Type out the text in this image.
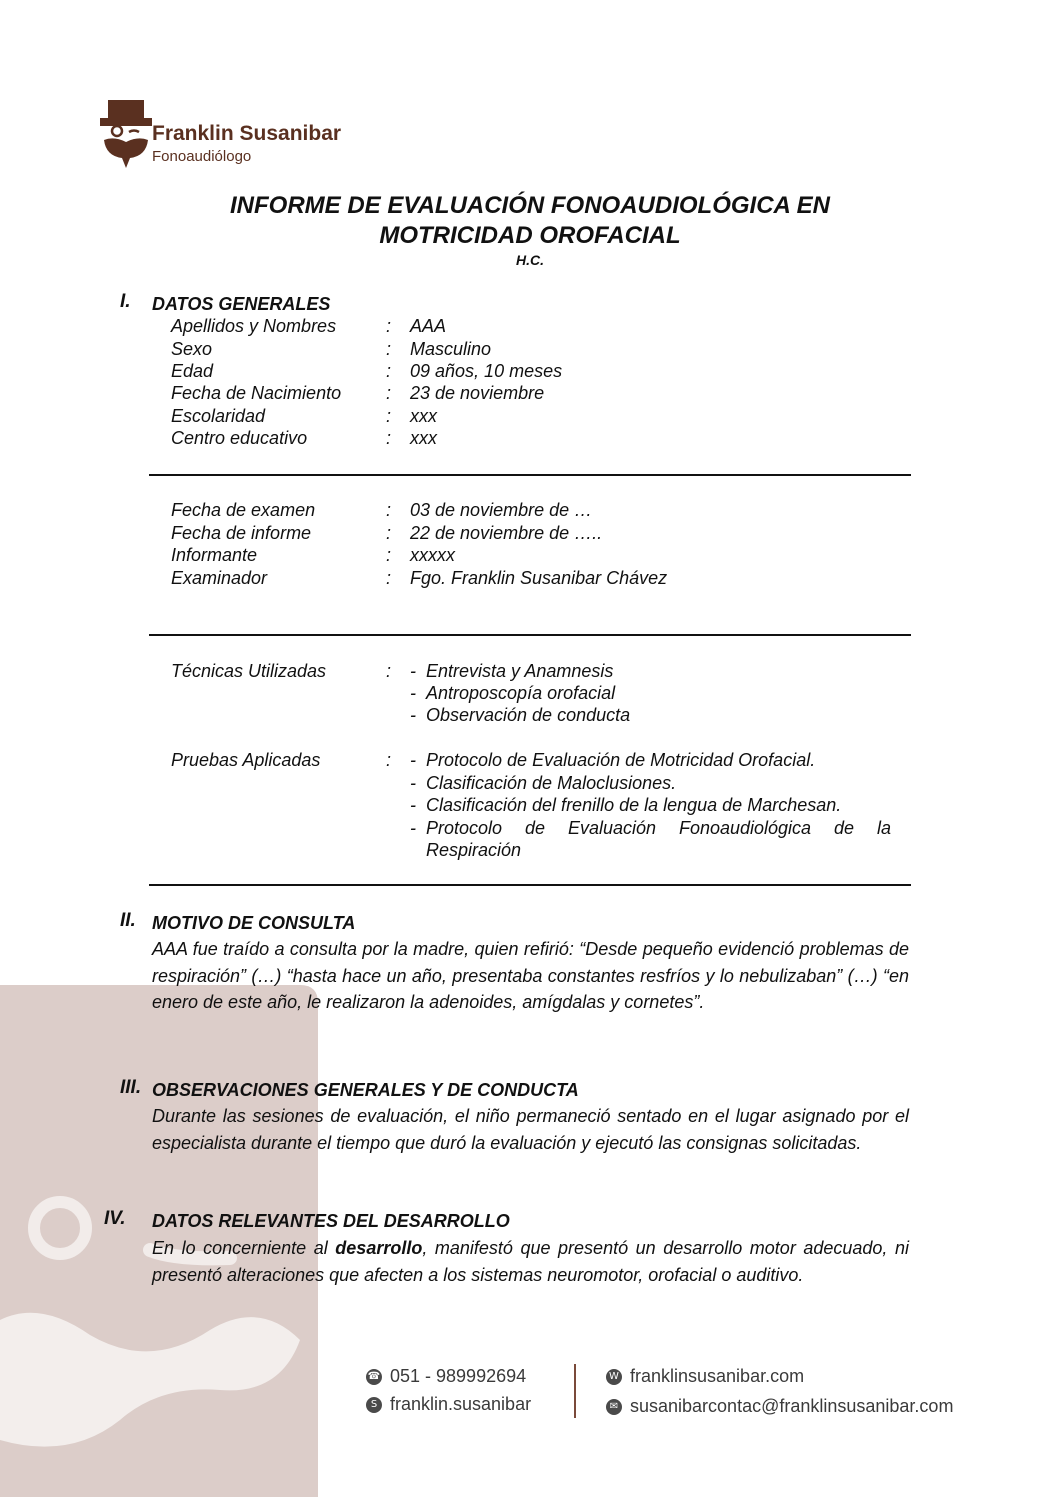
Franklin Susanibar
Fonoaudiólogo
INFORME DE EVALUACIÓN FONOAUDIOLÓGICA EN
MOTRICIDAD OROFACIAL
H.C.
I. DATOS GENERALES
Apellidos y Nombres	: AAA
Sexo	: Masculino
Edad	: 09 años, 10 meses
Fecha de Nacimiento : 23 de noviembre
Escolaridad	: xxx
Centro educativo	: xxx
Fecha de examen	: 03 de noviembre de …
Fecha de informe	: 22 de noviembre de …..
Informante	: xxxxx
Examinador	: Fgo. Franklin Susanibar Chávez
Técnicas Utilizadas	: - Entrevista y Anamnesis
- Antroposcopía orofacial
- Observación de conducta
Pruebas Aplicadas	: - Protocolo de Evaluación de Motricidad Orofacial.
- Clasificación de Maloclusiones.
- Clasificación del frenillo de la lengua de Marchesan.
- Protocolo de Evaluación Fonoaudiológica de la
Respiración
II. MOTIVO DE CONSULTA
AAA fue traído a consulta por la madre, quien refirió: “Desde pequeño evidenció problemas de respiración” (…) “hasta hace un año, presentaba constantes resfríos y lo nebulizaban” (…) “en enero de este año, le realizaron la adenoides, amígdalas y cornetes”.
III. OBSERVACIONES GENERALES Y DE CONDUCTA
Durante las sesiones de evaluación, el niño permaneció sentado en el lugar asignado por el especialista durante el tiempo que duró la evaluación y ejecutó las consignas solicitadas.
IV. DATOS RELEVANTES DEL DESARROLLO
En lo concerniente al desarrollo, manifestó que presentó un desarrollo motor adecuado, ni presentó alteraciones que afecten a los sistemas neuromotor, orofacial o auditivo.
☎ 051 - 989992694
S franklin.susanibar
W franklinsusanibar.com
✉ susanibarcontac@franklinsusanibar.com
